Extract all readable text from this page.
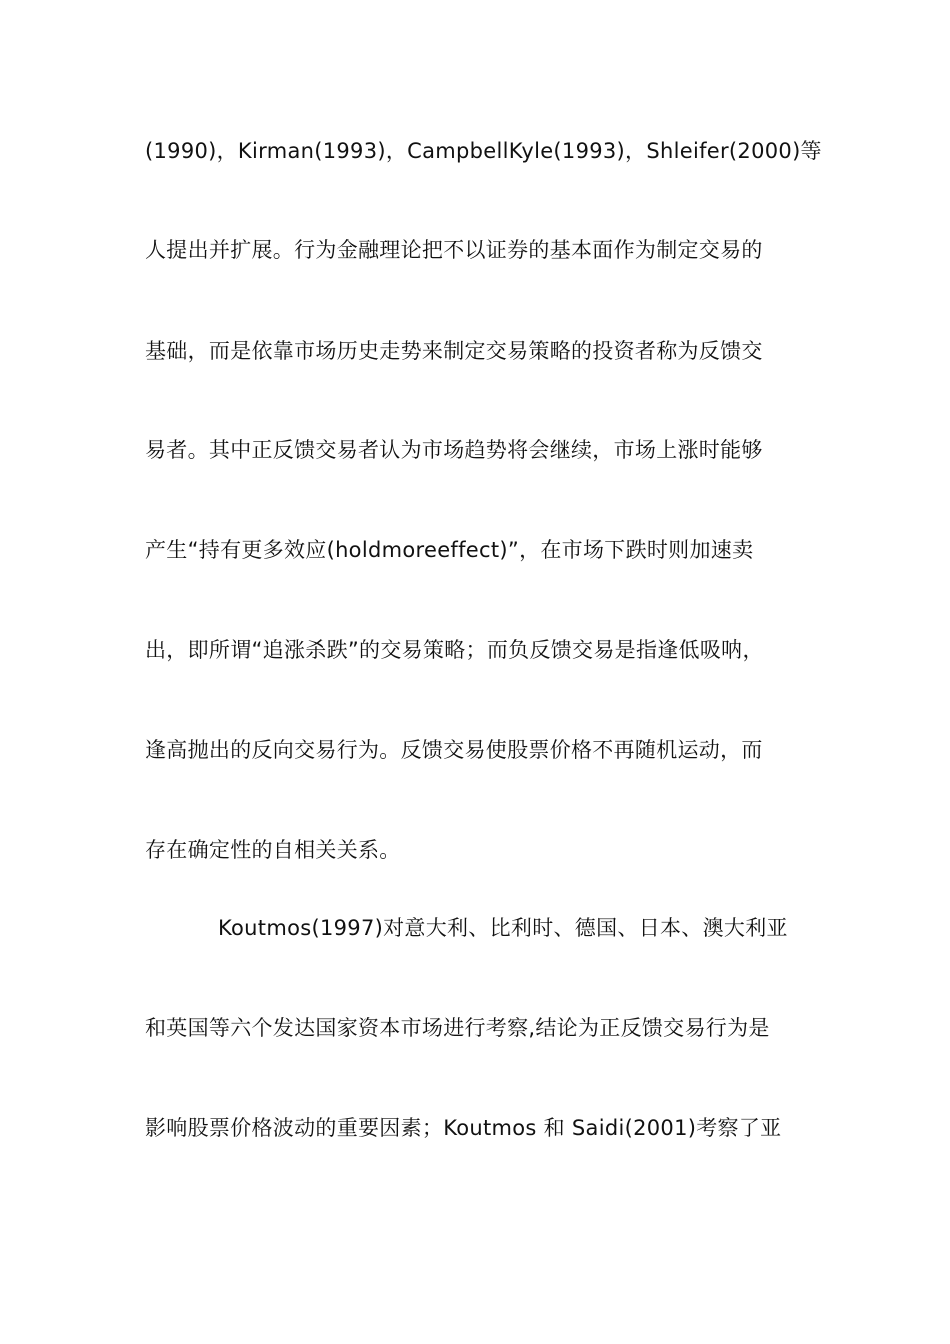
(1990)，Kirman(1993)，CampbellKyle(1993)，Shleifer(2000)等
人提出并扩展。行为金融理论把不以证券的基本面作为制定交易的
基础，而是依靠市场历史走势来制定交易策略的投资者称为反馈交
易者。其中正反馈交易者认为市场趋势将会继续，市场上涨时能够
产生“持有更多效应(holdmoreeffect)”，在市场下跌时则加速卖
出，即所谓“追涨杀跌”的交易策略；而负反馈交易是指逢低吸呐，
逢高抛出的反向交易行为。反馈交易使股票价格不再随机运动，而
存在确定性的自相关关系。
Koutmos(1997)对意大利、比利时、德国、日本、澳大利亚
和英国等六个发达国家资本市场进行考察,结论为正反馈交易行为是
影响股票价格波动的重要因素；Koutmos 和 Saidi(2001)考察了亚
